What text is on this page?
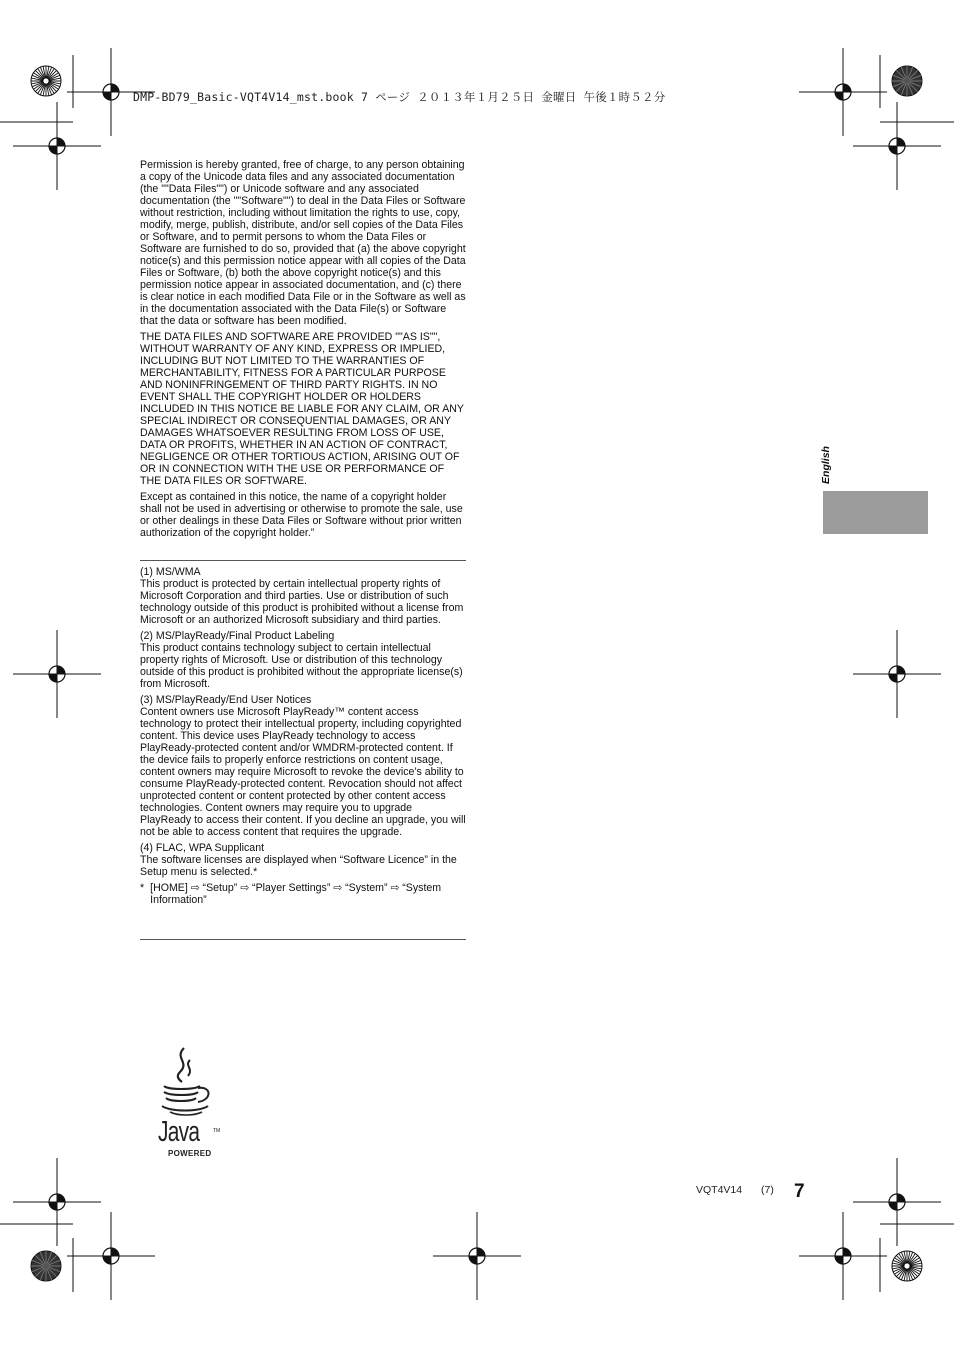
DMP-BD79_Basic-VQT4V14_mst.book 7 ページ ２０１３年１月２５日 金曜日 午後１時５２分

Permission is hereby granted, free of charge, to any person obtaining a copy of the Unicode data files and any associated documentation (the ""Data Files"") or Unicode software and any associated documentation (the ""Software"") to deal in the Data Files or Software without restriction, including without limitation the rights to use, copy, modify, merge, publish, distribute, and/or sell copies of the Data Files or Software, and to permit persons to whom the Data Files or Software are furnished to do so, provided that (a) the above copyright notice(s) and this permission notice appear with all copies of the Data Files or Software, (b) both the above copyright notice(s) and this permission notice appear in associated documentation, and (c) there is clear notice in each modified Data File or in the Software as well as in the documentation associated with the Data File(s) or Software that the data or software has been modified.

THE DATA FILES AND SOFTWARE ARE PROVIDED ""AS IS"", WITHOUT WARRANTY OF ANY KIND, EXPRESS OR IMPLIED, INCLUDING BUT NOT LIMITED TO THE WARRANTIES OF MERCHANTABILITY, FITNESS FOR A PARTICULAR PURPOSE AND NONINFRINGEMENT OF THIRD PARTY RIGHTS. IN NO EVENT SHALL THE COPYRIGHT HOLDER OR HOLDERS INCLUDED IN THIS NOTICE BE LIABLE FOR ANY CLAIM, OR ANY SPECIAL INDIRECT OR CONSEQUENTIAL DAMAGES, OR ANY DAMAGES WHATSOEVER RESULTING FROM LOSS OF USE, DATA OR PROFITS, WHETHER IN AN ACTION OF CONTRACT, NEGLIGENCE OR OTHER TORTIOUS ACTION, ARISING OUT OF OR IN CONNECTION WITH THE USE OR PERFORMANCE OF THE DATA FILES OR SOFTWARE.

Except as contained in this notice, the name of a copyright holder shall not be used in advertising or otherwise to promote the sale, use or other dealings in these Data Files or Software without prior written authorization of the copyright holder.”

(1) MS/WMA
This product is protected by certain intellectual property rights of Microsoft Corporation and third parties. Use or distribution of such technology outside of this product is prohibited without a license from Microsoft or an authorized Microsoft subsidiary and third parties.
(2) MS/PlayReady/Final Product Labeling
This product contains technology subject to certain intellectual property rights of Microsoft. Use or distribution of this technology outside of this product is prohibited without the appropriate license(s) from Microsoft.
(3) MS/PlayReady/End User Notices
Content owners use Microsoft PlayReady™ content access technology to protect their intellectual property, including copyrighted content. This device uses PlayReady technology to access PlayReady-protected content and/or WMDRM-protected content. If the device fails to properly enforce restrictions on content usage, content owners may require Microsoft to revoke the device’s ability to consume PlayReady-protected content. Revocation should not affect unprotected content or content protected by other content access technologies. Content owners may require you to upgrade PlayReady to access their content. If you decline an upgrade, you will not be able to access content that requires the upgrade.
(4) FLAC, WPA Supplicant
The software licenses are displayed when “Software Licence” in the Setup menu is selected.*
* [HOME] ⇨ “Setup” ⇨ “Player Settings” ⇨ “System” ⇨ “System Information”
English
Java	TM
POWERED
VQT4V14 (7) 7
